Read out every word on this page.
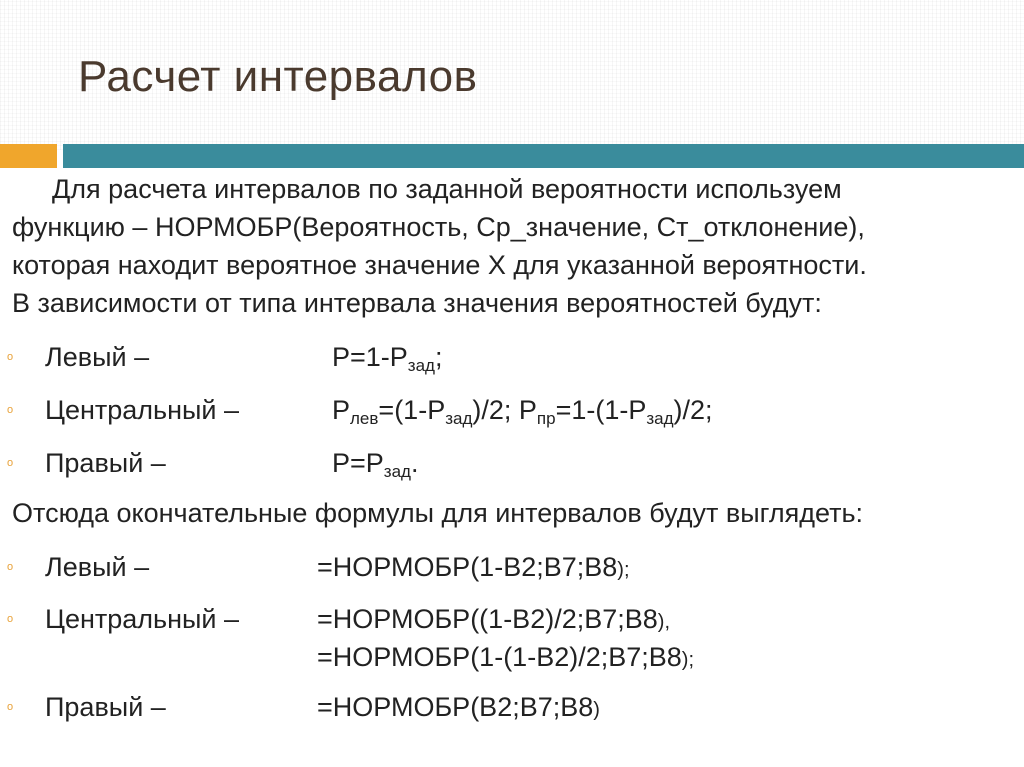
Расчет интервалов

Для расчета интервалов по заданной вероятности используем

функцию – НОРМОБР(Вероятность, Ср_значение, Ст_отклонение),

которая находит вероятное значение Х для указанной вероятности.

В зависимости от типа интервала значения вероятностей будут:

o Левый –	$P=1-P_{зад}$;
o Центральный –	$P_{лев}=(1-P_{зад})/2$; $P_{пр}=1-(1-P_{зад})/2$;
o Правый –	$P=P_{зад}$.
Отсюда окончательные формулы для интервалов будут выглядеть:
o Левый –	=НОРМОБР(1-B2;B7;B8);
o Центральный –	=НОРМОБР((1-B2)/2;B7;B8),
=НОРМОБР(1-(1-B2)/2;B7;B8);
o Правый –	=НОРМОБР(B2;B7;B8)
